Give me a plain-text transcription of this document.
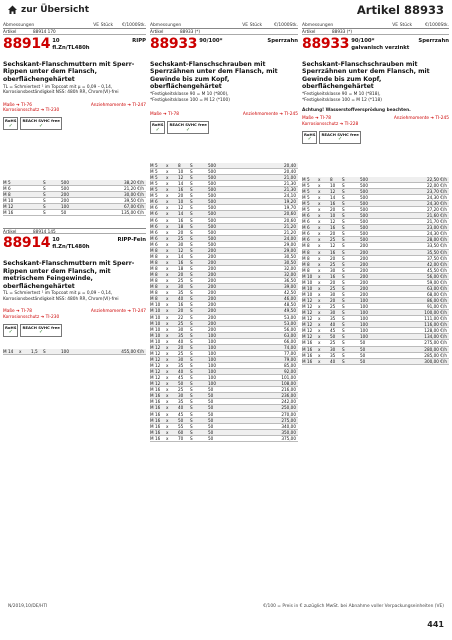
zur Übersicht	Artikel 88933
Abmessungen	VE Stück	€/1000Stk.
Artikel	88914 170
88914 10
fl.Zn/TL480h
RIPP
Sechskant-Flanschmuttern mit Sperr-Rippen unter dem Flansch, oberflächengehärtet
TL = Schmiertest ¹ im Topcoat mit μ = 0,09 – 0,14, Korrosionsbeständigkeit NSS: 480h RR, Chrom(VI)-frei
Maße ➔ TI-76
Korrosionsschutz ➔ TI-230
Anziehmomente ➔ TI-247
RoHS
✓
REACH SVHC free
✓
M 5	S	500	38,20 €/h
M 6	S	500	21,20 €/h
M 8	S	200	30,00 €/h
M 10	S	200	39,50 €/h
M 12	S	100	67,00 €/h
M 16	S	50	135,00 €/h
Artikel	88914 145
88914 10
fl.Zn/TL480h
RIPP-Fein
Sechskant-Flanschmuttern mit Sperr-Rippen unter dem Flansch, mit metrischem Feingewinde, oberflächengehärtet
TL = Schmiertest ¹ im Topcoat mit μ = 0,09 – 0,14, Korrosionsbeständigkeit NSS: 480h RR, Chrom(VI)-frei
Maße ➔ TI-78
Korrosionsschutz ➔ TI-230
Anziehmomente ➔ TI-247
RoHS
✓
REACH SVHC free
✓
M 14	x	1,5	S	100	455,00 €/h
Abmessungen	VE Stück	€/1000Stk.
Artikel	88933 (*)
88933 90/100*	Sperrzahn
Sechskant-Flanschschrauben mit Sperrzähnen unter dem Flansch, mit Gewinde bis zum Kopf, oberflächengehärtet
*Festigkeitsklasse 90 = M 10 (*800),
*Festigkeitsklasse 100 = M 12 (*100)
Maße ➔ TI-78	Anziehmomente ➔ TI-245
RoHS
✓
REACH SVHC free
✓
M 5	x	8	S	500	20,40
M 5	x	10	S	500	20,40
M 5	x	12	S	500	21,00
M 5	x	14	S	500	21,30
M 5	x	16	S	500	21,30
M 5	x	20	S	500	24,10
M 6	x	10	S	500	19,20
M 6	x	12	S	500	19,70
M 6	x	14	S	500	20,60
M 6	x	16	S	500	20,60
M 6	x	18	S	500	21,20
M 6	x	20	S	500	21,20
M 6	x	25	S	500	24,00
M 6	x	30	S	500	29,00
M 8	x	12	S	200	29,00
M 8	x	14	S	200	30,50
M 8	x	16	S	200	30,50
M 8	x	18	S	200	32,00
M 8	x	20	S	200	32,00
M 8	x	25	S	200	36,50
M 8	x	30	S	200	39,00
M 8	x	35	S	200	42,50
M 8	x	40	S	200	46,00
M 10	x	16	S	200	48,50
M 10	x	20	S	200	49,50
M 10	x	22	S	200	53,00
M 10	x	25	S	200	53,00
M 10	x	30	S	200	56,00
M 10	x	35	S	100	63,00
M 10	x	40	S	100	66,00
M 12	x	20	S	100	74,00
M 12	x	25	S	100	77,00
M 12	x	30	S	100	79,00
M 12	x	35	S	100	85,00
M 12	x	40	S	100	92,00
M 12	x	45	S	100	101,00
M 12	x	50	S	100	108,00
M 16	x	25	S	50	216,00
M 16	x	30	S	50	236,00
M 16	x	35	S	50	242,00
M 16	x	40	S	50	250,00
M 16	x	45	S	50	270,00
M 16	x	50	S	50	275,00
M 16	x	55	S	50	340,00
M 16	x	60	S	50	350,00
M 16	x	70	S	50	375,00
Abmessungen	VE Stück	€/1000Stk.
Artikel	88933 (*)
88933 90/100*
galvanisch verzinkt
Sperrzahn
Sechskant-Flanschschrauben mit Sperrzähnen unter dem Flansch, mit Gewinde bis zum Kopf, oberflächengehärtet
*Festigkeitsklasse 90 = M 10 (*818),
*Festigkeitsklasse 100 = M 12 (*118)
Achtung! Wasserstoffversprödung beachten.
Maße ➔ TI-78
Korrosionsschutz ➔ TI-228
Anziehmomente ➔ TI-245
RoHS
✓
REACH SVHC free
✓
M 5	x	8	S	500	22,50 €/h
M 5	x	10	S	500	22,00 €/h
M 5	x	12	S	500	23,70 €/h
M 5	x	14	S	500	24,30 €/h
M 5	x	16	S	500	24,30 €/h
M 5	x	20	S	500	27,20 €/h
M 6	x	10	S	500	21,60 €/h
M 6	x	12	S	500	21,70 €/h
M 6	x	16	S	500	23,00 €/h
M 6	x	20	S	500	24,30 €/h
M 6	x	25	S	500	28,00 €/h
M 8	x	12	S	200	33,50 €/h
M 8	x	16	S	200	35,50 €/h
M 8	x	20	S	200	37,50 €/h
M 8	x	25	S	200	42,00 €/h
M 8	x	30	S	200	45,50 €/h
M 10	x	16	S	200	56,00 €/h
M 10	x	20	S	200	59,00 €/h
M 10	x	25	S	200	63,00 €/h
M 10	x	30	S	200	68,00 €/h
M 12	x	20	S	100	86,00 €/h
M 12	x	25	S	100	91,00 €/h
M 12	x	30	S	100	100,00 €/h
M 12	x	35	S	100	111,00 €/h
M 12	x	40	S	100	116,00 €/h
M 12	x	45	S	100	128,00 €/h
M 12	x	50	S	100	134,00 €/h
M 16	x	25	S	50	275,00 €/h
M 16	x	30	S	50	280,00 €/h
M 16	x	35	S	50	285,00 €/h
M 16	x	40	S	50	300,00 €/h
N/2019,10/DE/HTI	€/100 = Preis in € zuzüglich MwSt. bei Abnahme voller Verpackungseinheiten (VE)
441
